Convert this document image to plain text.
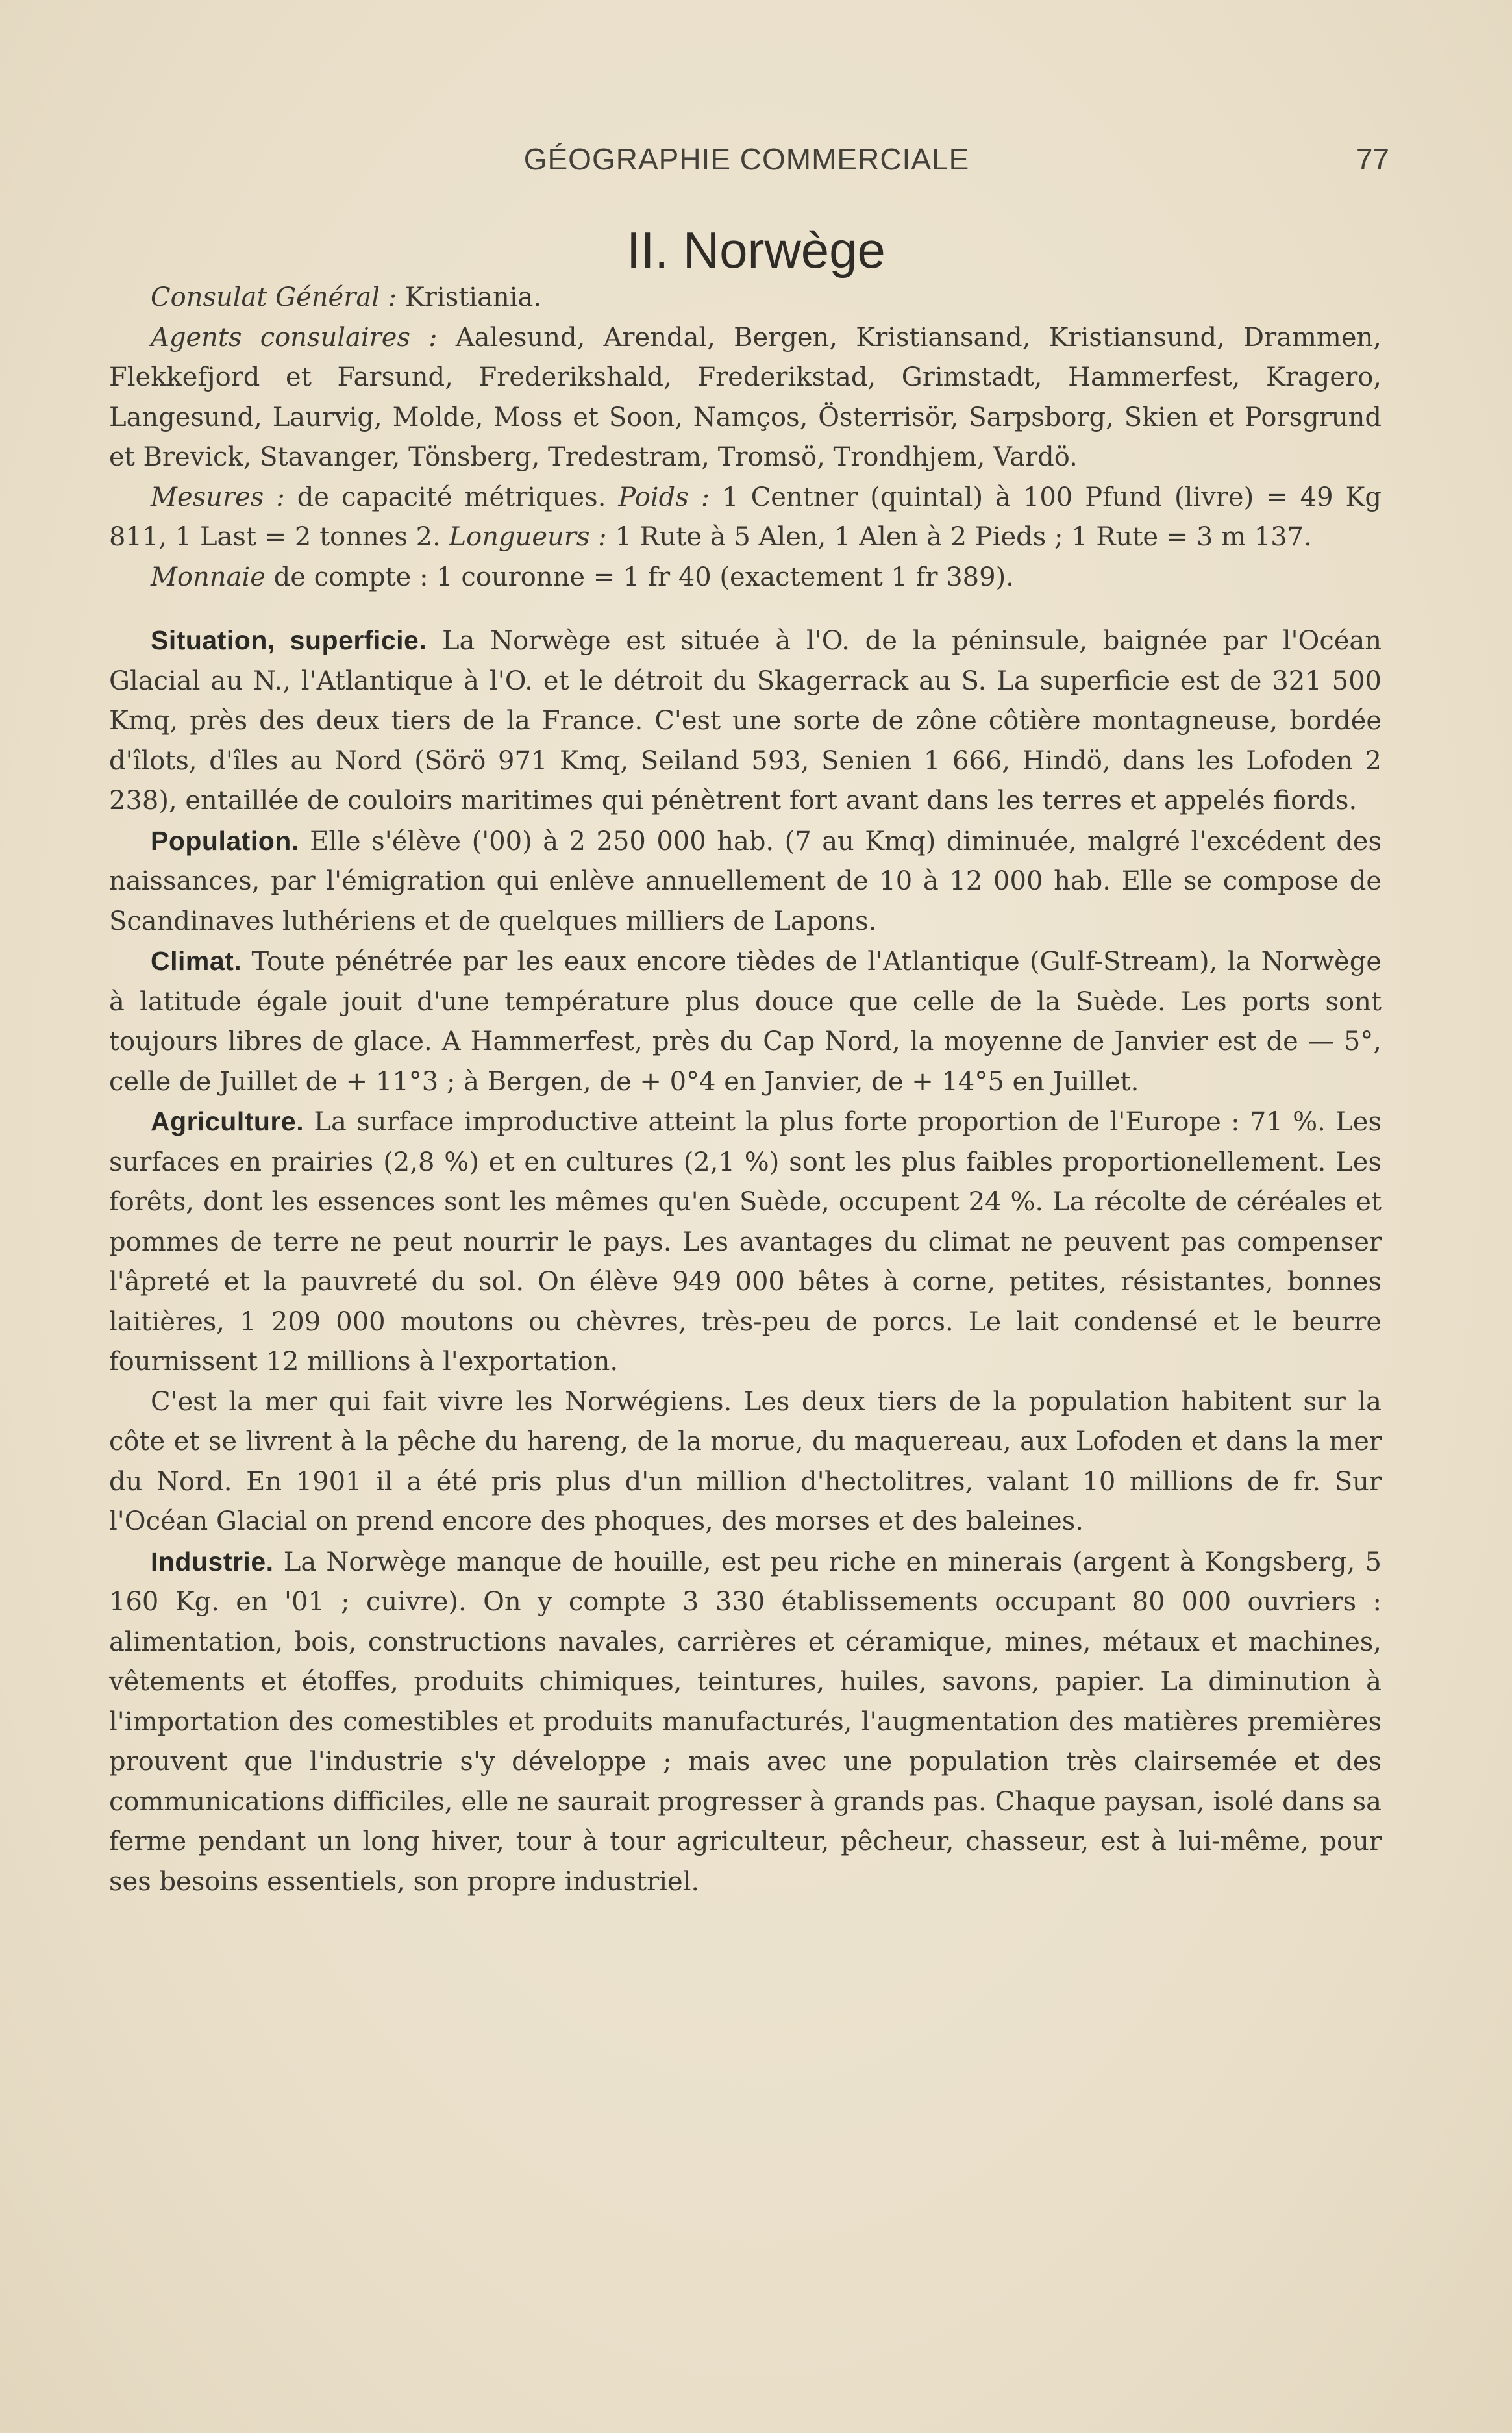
GÉOGRAPHIE COMMERCIALE	77
II. Norwège

Consulat Général : Kristiania.

Agents consulaires : Aalesund, Arendal, Bergen, Kristiansand, Kristiansund, Drammen, Flekkefjord et Farsund, Frederikshald, Frederikstad, Grimstadt, Hammerfest, Kragero, Langesund, Laurvig, Molde, Moss et Soon, Namços, Österrisör, Sarpsborg, Skien et Porsgrund et Brevick, Stavanger, Tönsberg, Tredestram, Tromsö, Trondhjem, Vardö.

Mesures : de capacité métriques. Poids : 1 Centner (quintal) à 100 Pfund (livre) = 49 Kg 811, 1 Last = 2 tonnes 2. Longueurs : 1 Rute à 5 Alen, 1 Alen à 2 Pieds ; 1 Rute = 3 m 137.

Monnaie de compte : 1 couronne = 1 fr 40 (exactement 1 fr 389).

Situation, superficie. La Norwège est située à l'O. de la péninsule, baignée par l'Océan Glacial au N., l'Atlantique à l'O. et le détroit du Skagerrack au S. La superficie est de 321 500 Kmq, près des deux tiers de la France. C'est une sorte de zône côtière montagneuse, bordée d'îlots, d'îles au Nord (Sörö 971 Kmq, Seiland 593, Senien 1 666, Hindö, dans les Lofoden 2 238), entaillée de couloirs maritimes qui pénètrent fort avant dans les terres et appelés fiords.

Population. Elle s'élève ('00) à 2 250 000 hab. (7 au Kmq) diminuée, malgré l'excédent des naissances, par l'émigration qui enlève annuellement de 10 à 12 000 hab. Elle se compose de Scandinaves luthériens et de quelques milliers de Lapons.

Climat. Toute pénétrée par les eaux encore tièdes de l'Atlantique (Gulf-Stream), la Norwège à latitude égale jouit d'une température plus douce que celle de la Suède. Les ports sont toujours libres de glace. A Hammerfest, près du Cap Nord, la moyenne de Janvier est de — 5°, celle de Juillet de + 11°3 ; à Bergen, de + 0°4 en Janvier, de + 14°5 en Juillet.

Agriculture. La surface improductive atteint la plus forte proportion de l'Europe : 71 %. Les surfaces en prairies (2,8 %) et en cultures (2,1 %) sont les plus faibles proportionellement. Les forêts, dont les essences sont les mêmes qu'en Suède, occupent 24 %. La récolte de céréales et pommes de terre ne peut nourrir le pays. Les avantages du climat ne peuvent pas compenser l'âpreté et la pauvreté du sol. On élève 949 000 bêtes à corne, petites, résistantes, bonnes laitières, 1 209 000 moutons ou chèvres, très-peu de porcs. Le lait condensé et le beurre fournissent 12 millions à l'exportation.

C'est la mer qui fait vivre les Norwégiens. Les deux tiers de la population habitent sur la côte et se livrent à la pêche du hareng, de la morue, du maquereau, aux Lofoden et dans la mer du Nord. En 1901 il a été pris plus d'un million d'hectolitres, valant 10 millions de fr. Sur l'Océan Glacial on prend encore des phoques, des morses et des baleines.

Industrie. La Norwège manque de houille, est peu riche en minerais (argent à Kongsberg, 5 160 Kg. en '01 ; cuivre). On y compte 3 330 établissements occupant 80 000 ouvriers : alimentation, bois, constructions navales, carrières et céramique, mines, métaux et machines, vêtements et étoffes, produits chimiques, teintures, huiles, savons, papier. La diminution à l'importation des comestibles et produits manufacturés, l'augmentation des matières premières prouvent que l'industrie s'y développe ; mais avec une population très clairsemée et des communications difficiles, elle ne saurait progresser à grands pas. Chaque paysan, isolé dans sa ferme pendant un long hiver, tour à tour agriculteur, pêcheur, chasseur, est à lui-même, pour ses besoins essentiels, son propre industriel.
